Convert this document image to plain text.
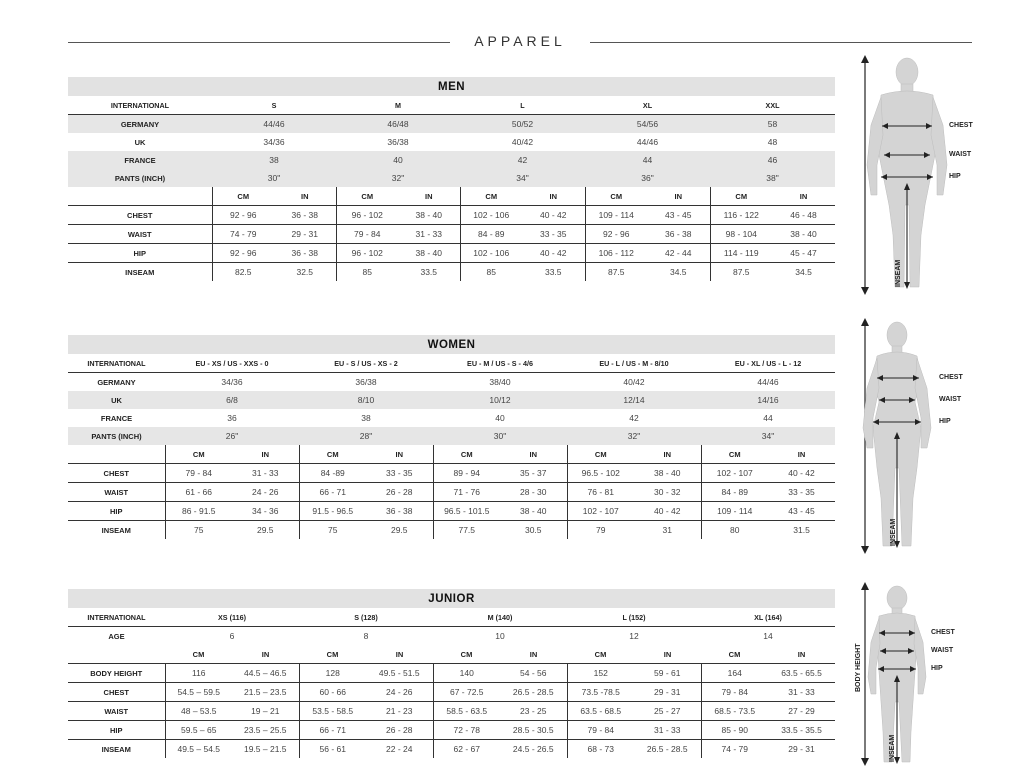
APPAREL
MEN										
INTERNATIONAL	S		M		L		XL		XXL	
GERMANY	44/46		46/48		50/52		54/56		58	
UK	34/36		36/38		40/42		44/46		48	
FRANCE	38		40		42		44		46	
PANTS (INCH)	30"		32"		34"		36"		38"	
	CM	IN	CM	IN	CM	IN	CM	IN	CM	IN
CHEST	92 - 96	36 - 38	96 - 102	38 - 40	102 - 106	40 - 42	109 - 114	43 - 45	116 - 122	46 - 48
WAIST	74 - 79	29 - 31	79 - 84	31 - 33	84 - 89	33 - 35	92 - 96	36 - 38	98 - 104	38 - 40
HIP	92 - 96	36 - 38	96 - 102	38 - 40	102 - 106	40 - 42	106 - 112	42 - 44	114 - 119	45 - 47
INSEAM	82.5	32.5	85	33.5	85	33.5	87.5	34.5	87.5	34.5
WOMEN										
INTERNATIONAL	EU - XS / US - XXS - 0		EU - S / US - XS - 2		EU - M / US - S - 4/6		EU - L / US - M - 8/10		EU - XL / US - L - 12	
GERMANY	34/36		36/38		38/40		40/42		44/46	
UK	6/8		8/10		10/12		12/14		14/16	
FRANCE	36		38		40		42		44	
PANTS (INCH)	26"		28"		30"		32"		34"	
	CM	IN	CM	IN	CM	IN	CM	IN	CM	IN
CHEST	79 - 84	31 - 33	84 -89	33 - 35	89 - 94	35 - 37	96.5 - 102	38 - 40	102 - 107	40 - 42
WAIST	61 - 66	24 - 26	66 - 71	26 - 28	71 - 76	28 - 30	76 - 81	30 - 32	84 - 89	33 - 35
HIP	86 - 91.5	34 - 36	91.5 - 96.5	36 - 38	96.5 - 101.5	38 - 40	102 - 107	40 - 42	109 - 114	43 - 45
INSEAM	75	29.5	75	29.5	77.5	30.5	79	31	80	31.5
JUNIOR										
INTERNATIONAL	XS (116)		S (128)		M (140)		L (152)		XL (164)	
AGE	6		8		10		12		14	
	CM	IN	CM	IN	CM	IN	CM	IN	CM	IN
BODY HEIGHT	116	44.5 – 46.5	128	49.5 - 51.5	140	54 - 56	152	59 - 61	164	63.5 - 65.5
CHEST	54.5 – 59.5	21.5 – 23.5	60 - 66	24 - 26	67 - 72.5	26.5 - 28.5	73.5 -78.5	29 - 31	79 - 84	31 - 33
WAIST	48 – 53.5	19 – 21	53.5 - 58.5	21 - 23	58.5 - 63.5	23 - 25	63.5 - 68.5	25 - 27	68.5 - 73.5	27 - 29
HIP	59.5 – 65	23.5 – 25.5	66 - 71	26 - 28	72 - 78	28.5 - 30.5	79 - 84	31 - 33	85 - 90	33.5 - 35.5
INSEAM	49.5 – 54.5	19.5 – 21.5	56 - 61	22 - 24	62 - 67	24.5 - 26.5	68 - 73	26.5 - 28.5	74 - 79	29 - 31
CHEST
WAIST
HIP
INSEAM
CHEST
WAIST
HIP
INSEAM
CHEST
WAIST
HIP
BODY HEIGHT
INSEAM
